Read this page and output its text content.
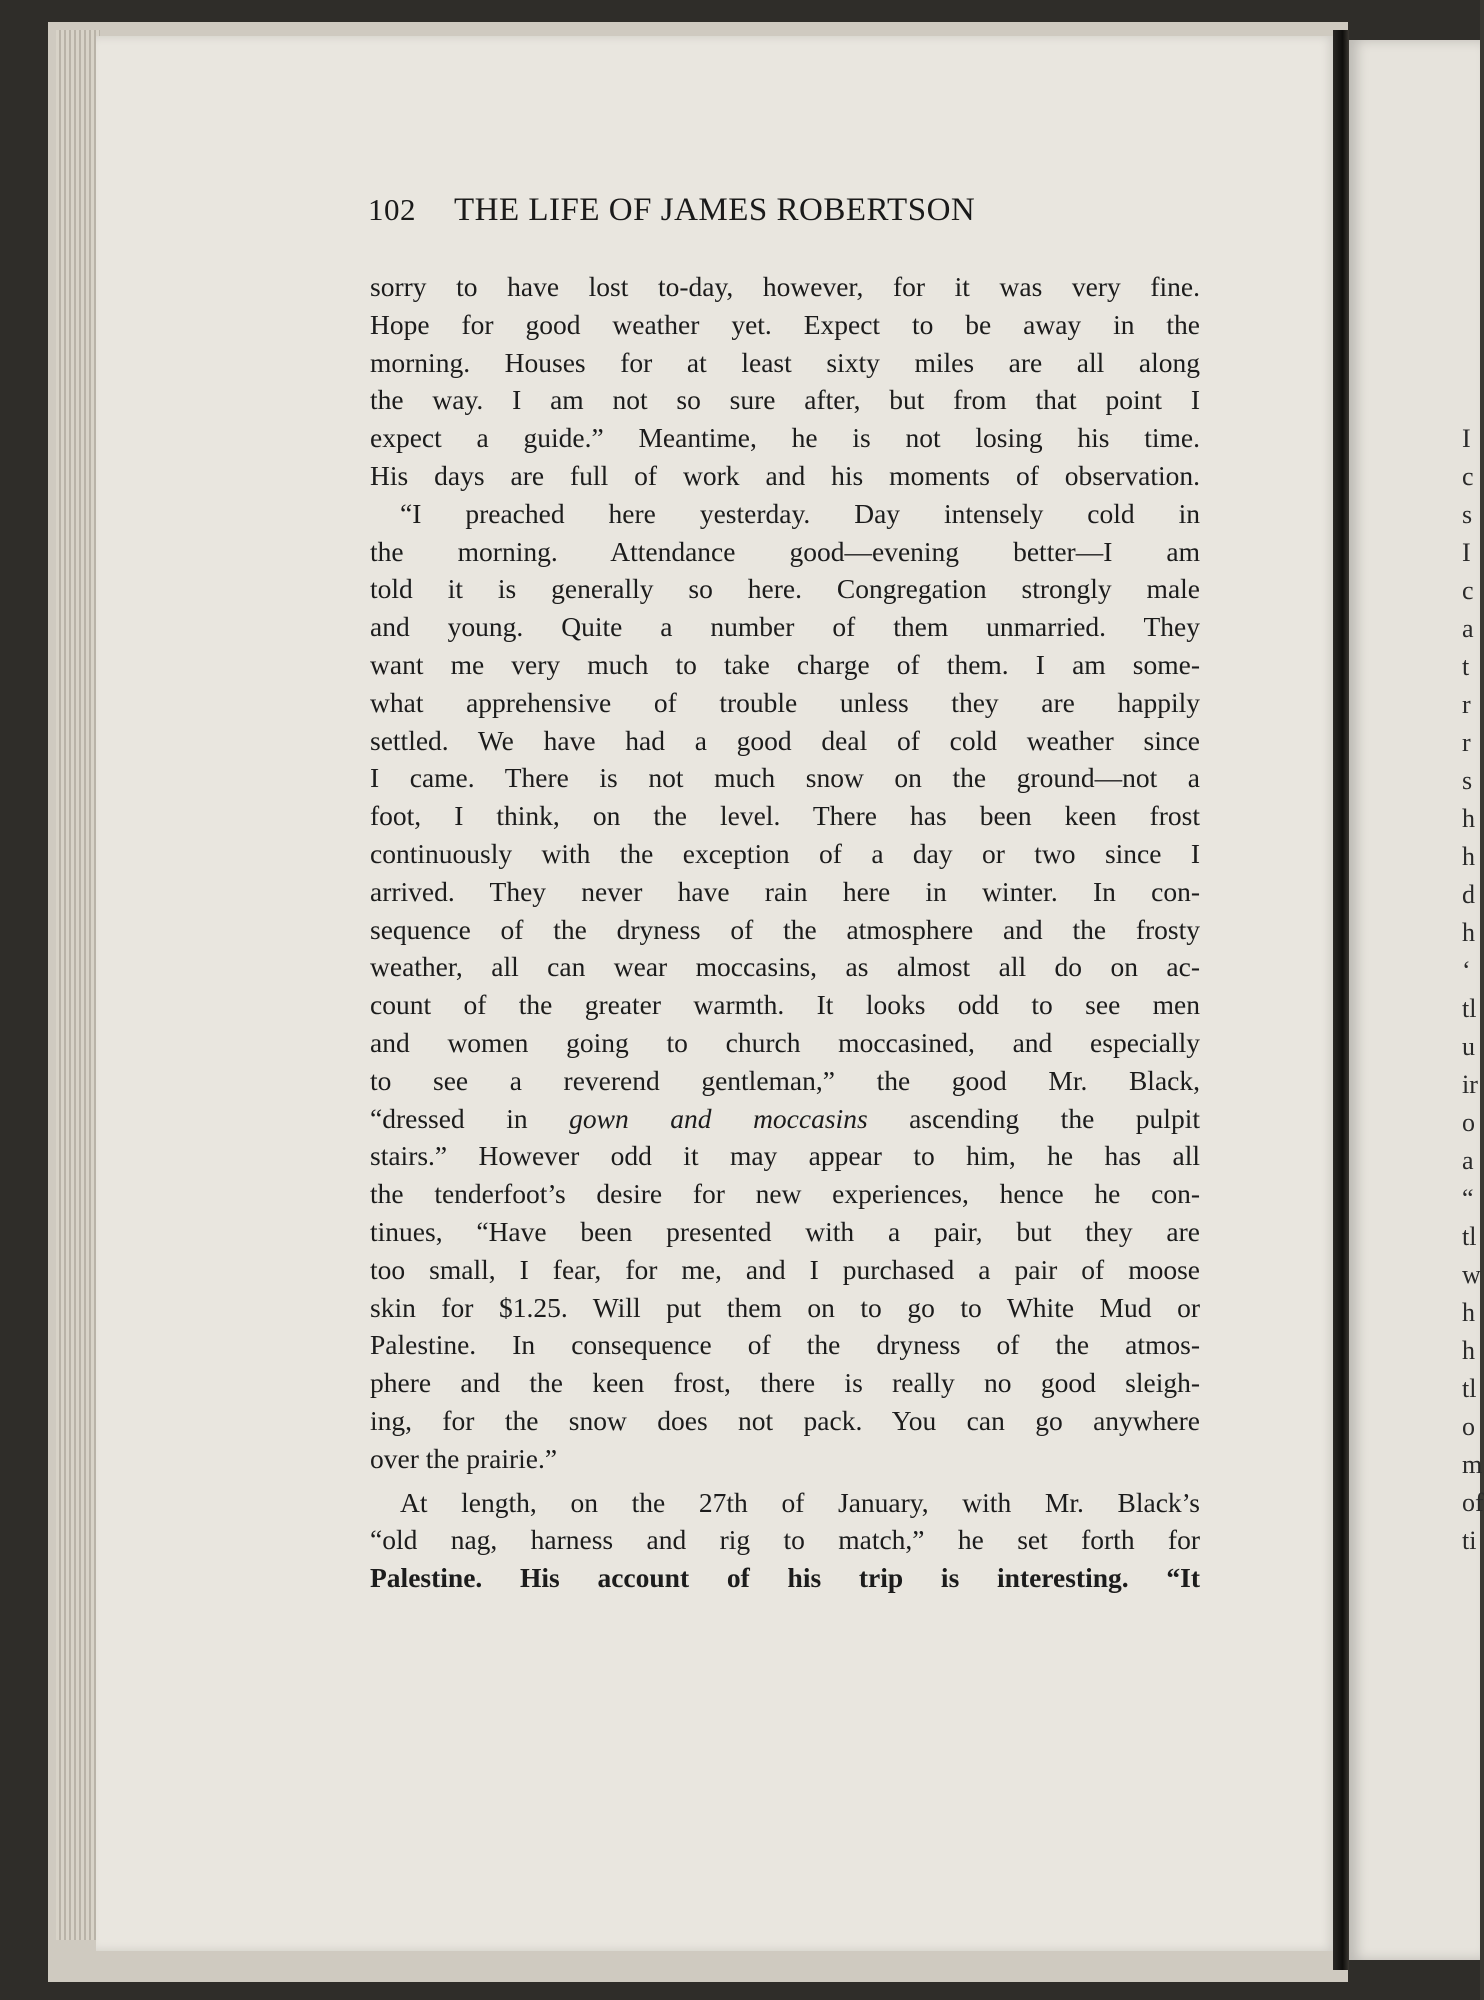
I
c
s
I
c
a
t
r
r
s
h
h
d
h
‘
tl
u
ir
o
a
“
tl
w
h
h
tl
o
m
of
ti
102 THE LIFE OF JAMES ROBERTSON
sorry to have lost to-day, however, for it was very fine.
Hope for good weather yet. Expect to be away in the
morning. Houses for at least sixty miles are all along
the way. I am not so sure after, but from that point I
expect a guide.” Meantime, he is not losing his time.
His days are full of work and his moments of observation.
“I preached here yesterday. Day intensely cold in
the morning. Attendance good—evening better—I am
told it is generally so here. Congregation strongly male
and young. Quite a number of them unmarried. They
want me very much to take charge of them. I am some-
what apprehensive of trouble unless they are happily
settled. We have had a good deal of cold weather since
I came. There is not much snow on the ground—not a
foot, I think, on the level. There has been keen frost
continuously with the exception of a day or two since I
arrived. They never have rain here in winter. In con-
sequence of the dryness of the atmosphere and the frosty
weather, all can wear moccasins, as almost all do on ac-
count of the greater warmth. It looks odd to see men
and women going to church moccasined, and especially
to see a reverend gentleman,” the good Mr. Black,
“dressed in gown and moccasins ascending the pulpit
stairs.” However odd it may appear to him, he has all
the tenderfoot’s desire for new experiences, hence he con-
tinues, “Have been presented with a pair, but they are
too small, I fear, for me, and I purchased a pair of moose
skin for $1.25. Will put them on to go to White Mud or
Palestine. In consequence of the dryness of the atmos-
phere and the keen frost, there is really no good sleigh-
ing, for the snow does not pack. You can go anywhere
over the prairie.”
At length, on the 27th of January, with Mr. Black’s
“old nag, harness and rig to match,” he set forth for
Palestine. His account of his trip is interesting. “It
